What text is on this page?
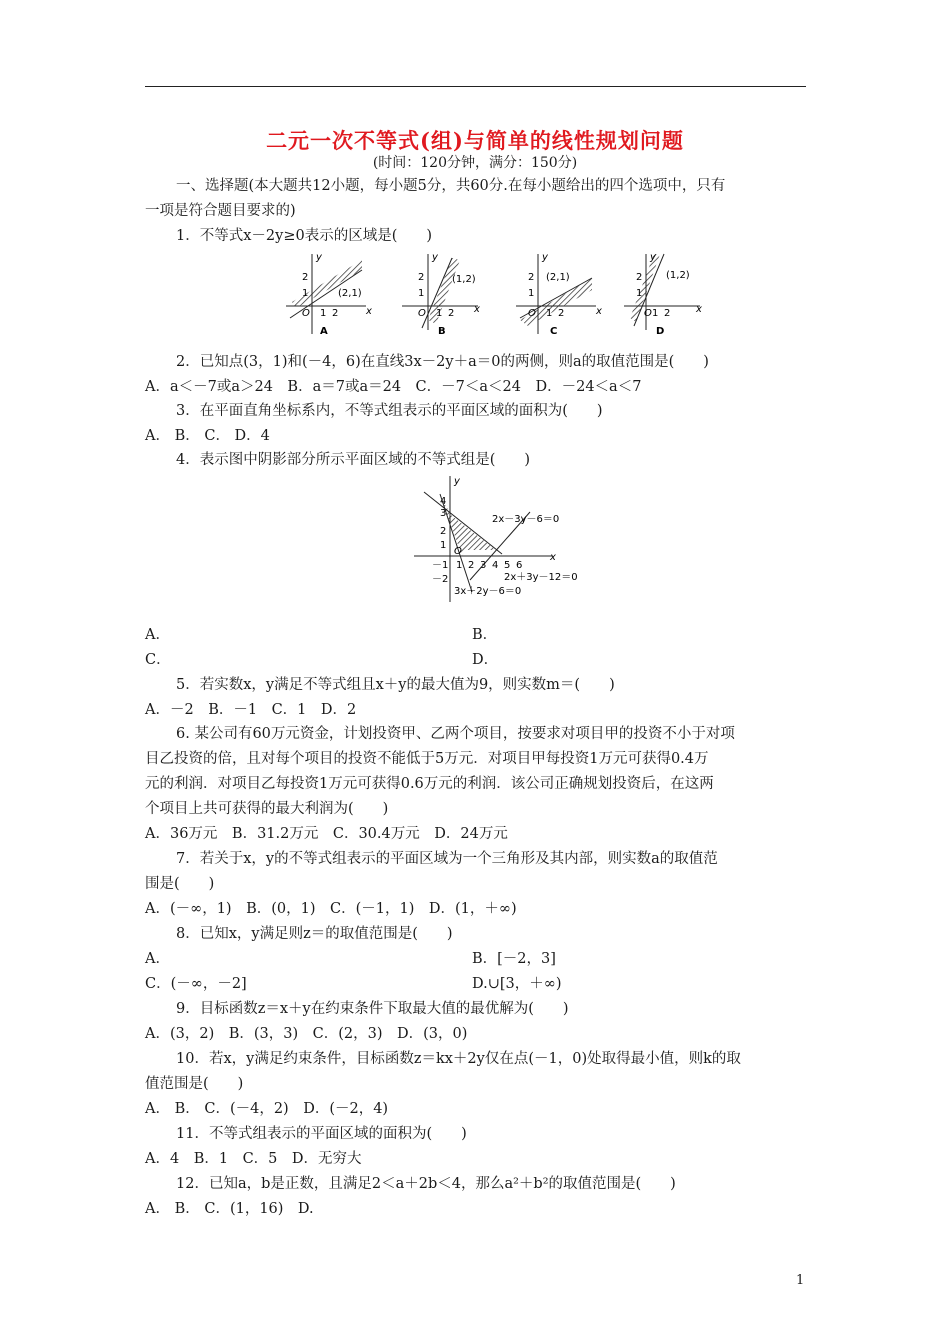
二元一次不等式(组)与简单的线性规划问题
(时间：120分钟，满分：150分)
一、选择题(本大题共12小题，每小题5分，共60分.在每小题给出的四个选项中，只有
一项是符合题目要求的)
1．不等式x－2y≥0表示的区域是(　　)
y
x
2
1
O 1 2
(2,1)
A
y
x
2
1
O 1 2
(1,2)
B
y
x
2
1
O 1 2
(2,1)
C
y
x
2
1
O 1 2
(1,2)
D
2．已知点(3，1)和(－4，6)在直线3x－2y＋a＝0的两侧，则a的取值范围是(　　)
A．a＜－7或a＞24　B．a＝7或a＝24　C．－7＜a＜24　D．－24＜a＜7
3．在平面直角坐标系内，不等式组表示的平面区域的面积为(　　)
A． B． C． D．4
4．表示图中阴影部分所示平面区域的不等式组是(　　)
y
x
O
4
3
2
1
－1
－2
1 2 3 4 5 6
2x－3y－6＝0
2x＋3y－12＝0
3x＋2y－6＝0
A．	B．
C．	D．
5．若实数x，y满足不等式组且x＋y的最大值为9，则实数m＝(　　)
A．－2　B．－1　C．1　D．2
6. 某公司有60万元资金，计划投资甲、乙两个项目，按要求对项目甲的投资不小于对项
目乙投资的倍，且对每个项目的投资不能低于5万元．对项目甲每投资1万元可获得0.4万
元的利润．对项目乙每投资1万元可获得0.6万元的利润．该公司正确规划投资后，在这两
个项目上共可获得的最大利润为(　　)
A．36万元　B．31.2万元　C．30.4万元　D．24万元
7．若关于x，y的不等式组表示的平面区域为一个三角形及其内部，则实数a的取值范
围是(　　)
A．(－∞，1)　B．(0，1)　C．(－1，1)　D．(1，＋∞)
8．已知x，y满足则z＝的取值范围是(　　)
A．	B．[－2，3]
C．(－∞，－2]	D.∪[3，＋∞)
9．目标函数z＝x＋y在约束条件下取最大值的最优解为(　　)
A．(3，2)　B．(3，3)　C．(2，3)　D．(3，0)
10．若x，y满足约束条件，目标函数z＝kx＋2y仅在点(－1，0)处取得最小值，则k的取
值范围是(　　)
A． B． C．(－4，2)　D．(－2，4)
11．不等式组表示的平面区域的面积为(　　)
A．4　B．1　C．5　D．无穷大
12．已知a，b是正数，且满足2＜a＋2b＜4，那么a²＋b²的取值范围是(　　)
A． B． C．(1，16)　D.
1
